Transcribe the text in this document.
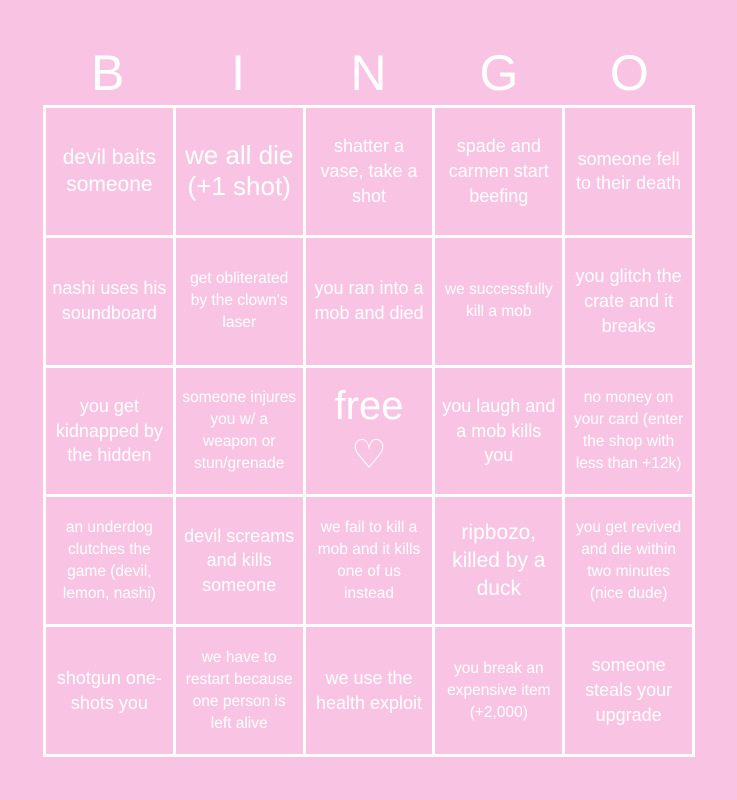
B	I	N	G	O
devil baits someone
we all die (+1 shot)
shatter a vase, take a shot
spade and carmen start beefing
someone fell to their death
nashi uses his soundboard
get obliterated by the clown's laser
you ran into a mob and died
we successfully kill a mob
you glitch the crate and it breaks
you get kidnapped by the hidden
someone injures you w/ a weapon or stun/grenade
free
♡
you laugh and a mob kills you
no money on your card (enter the shop with less than +12k)
an underdog clutches the game (devil, lemon, nashi)
devil screams and kills someone
we fail to kill a mob and it kills one of us instead
ripbozo, killed by a duck
you get revived and die within two minutes (nice dude)
shotgun one-shots you
we have to restart because one person is left alive
we use the health exploit
you break an expensive item (+2,000)
someone steals your upgrade
